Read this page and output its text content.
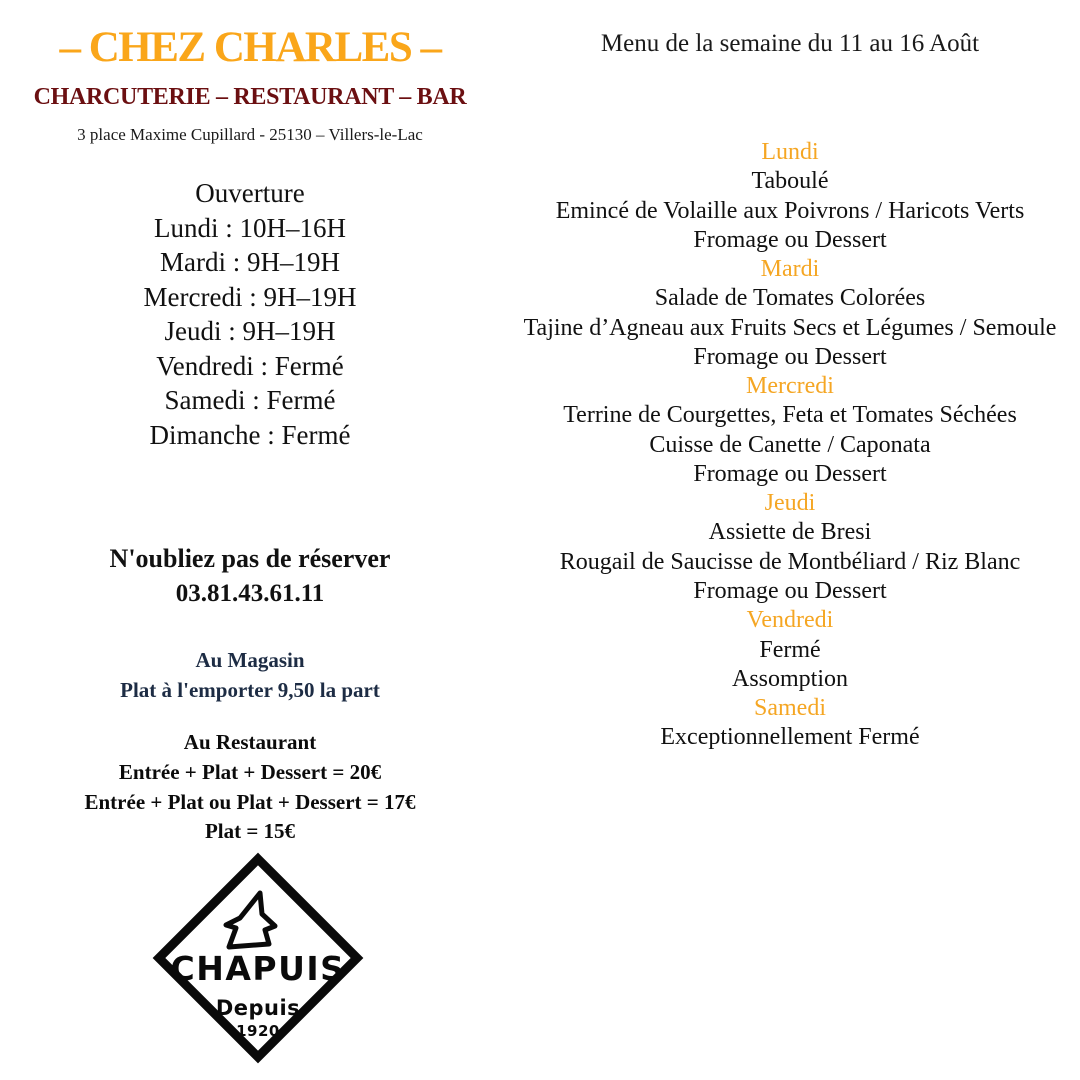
– CHEZ CHARLES –
CHARCUTERIE – RESTAURANT – BAR
3 place Maxime Cupillard - 25130 – Villers-le-Lac
Ouverture
Lundi : 10H–16H
Mardi : 9H–19H
Mercredi : 9H–19H
Jeudi : 9H–19H
Vendredi : Fermé
Samedi : Fermé
Dimanche : Fermé
N'oubliez pas de réserver
03.81.43.61.11
Au Magasin
Plat à l'emporter 9,50 la part
Au Restaurant
Entrée + Plat + Dessert = 20€
Entrée + Plat ou Plat + Dessert = 17€
Plat = 15€
CHAPUIS
Depuis
1920
Menu de la semaine du 11 au 16 Août
Lundi
Taboulé
Emincé de Volaille aux Poivrons / Haricots Verts
Fromage ou Dessert
Mardi
Salade de Tomates Colorées
Tajine d’Agneau aux Fruits Secs et Légumes / Semoule
Fromage ou Dessert
Mercredi
Terrine de Courgettes, Feta et Tomates Séchées
Cuisse de Canette / Caponata
Fromage ou Dessert
Jeudi
Assiette de Bresi
Rougail de Saucisse de Montbéliard / Riz Blanc
Fromage ou Dessert
Vendredi
Fermé
Assomption
Samedi
Exceptionnellement Fermé
